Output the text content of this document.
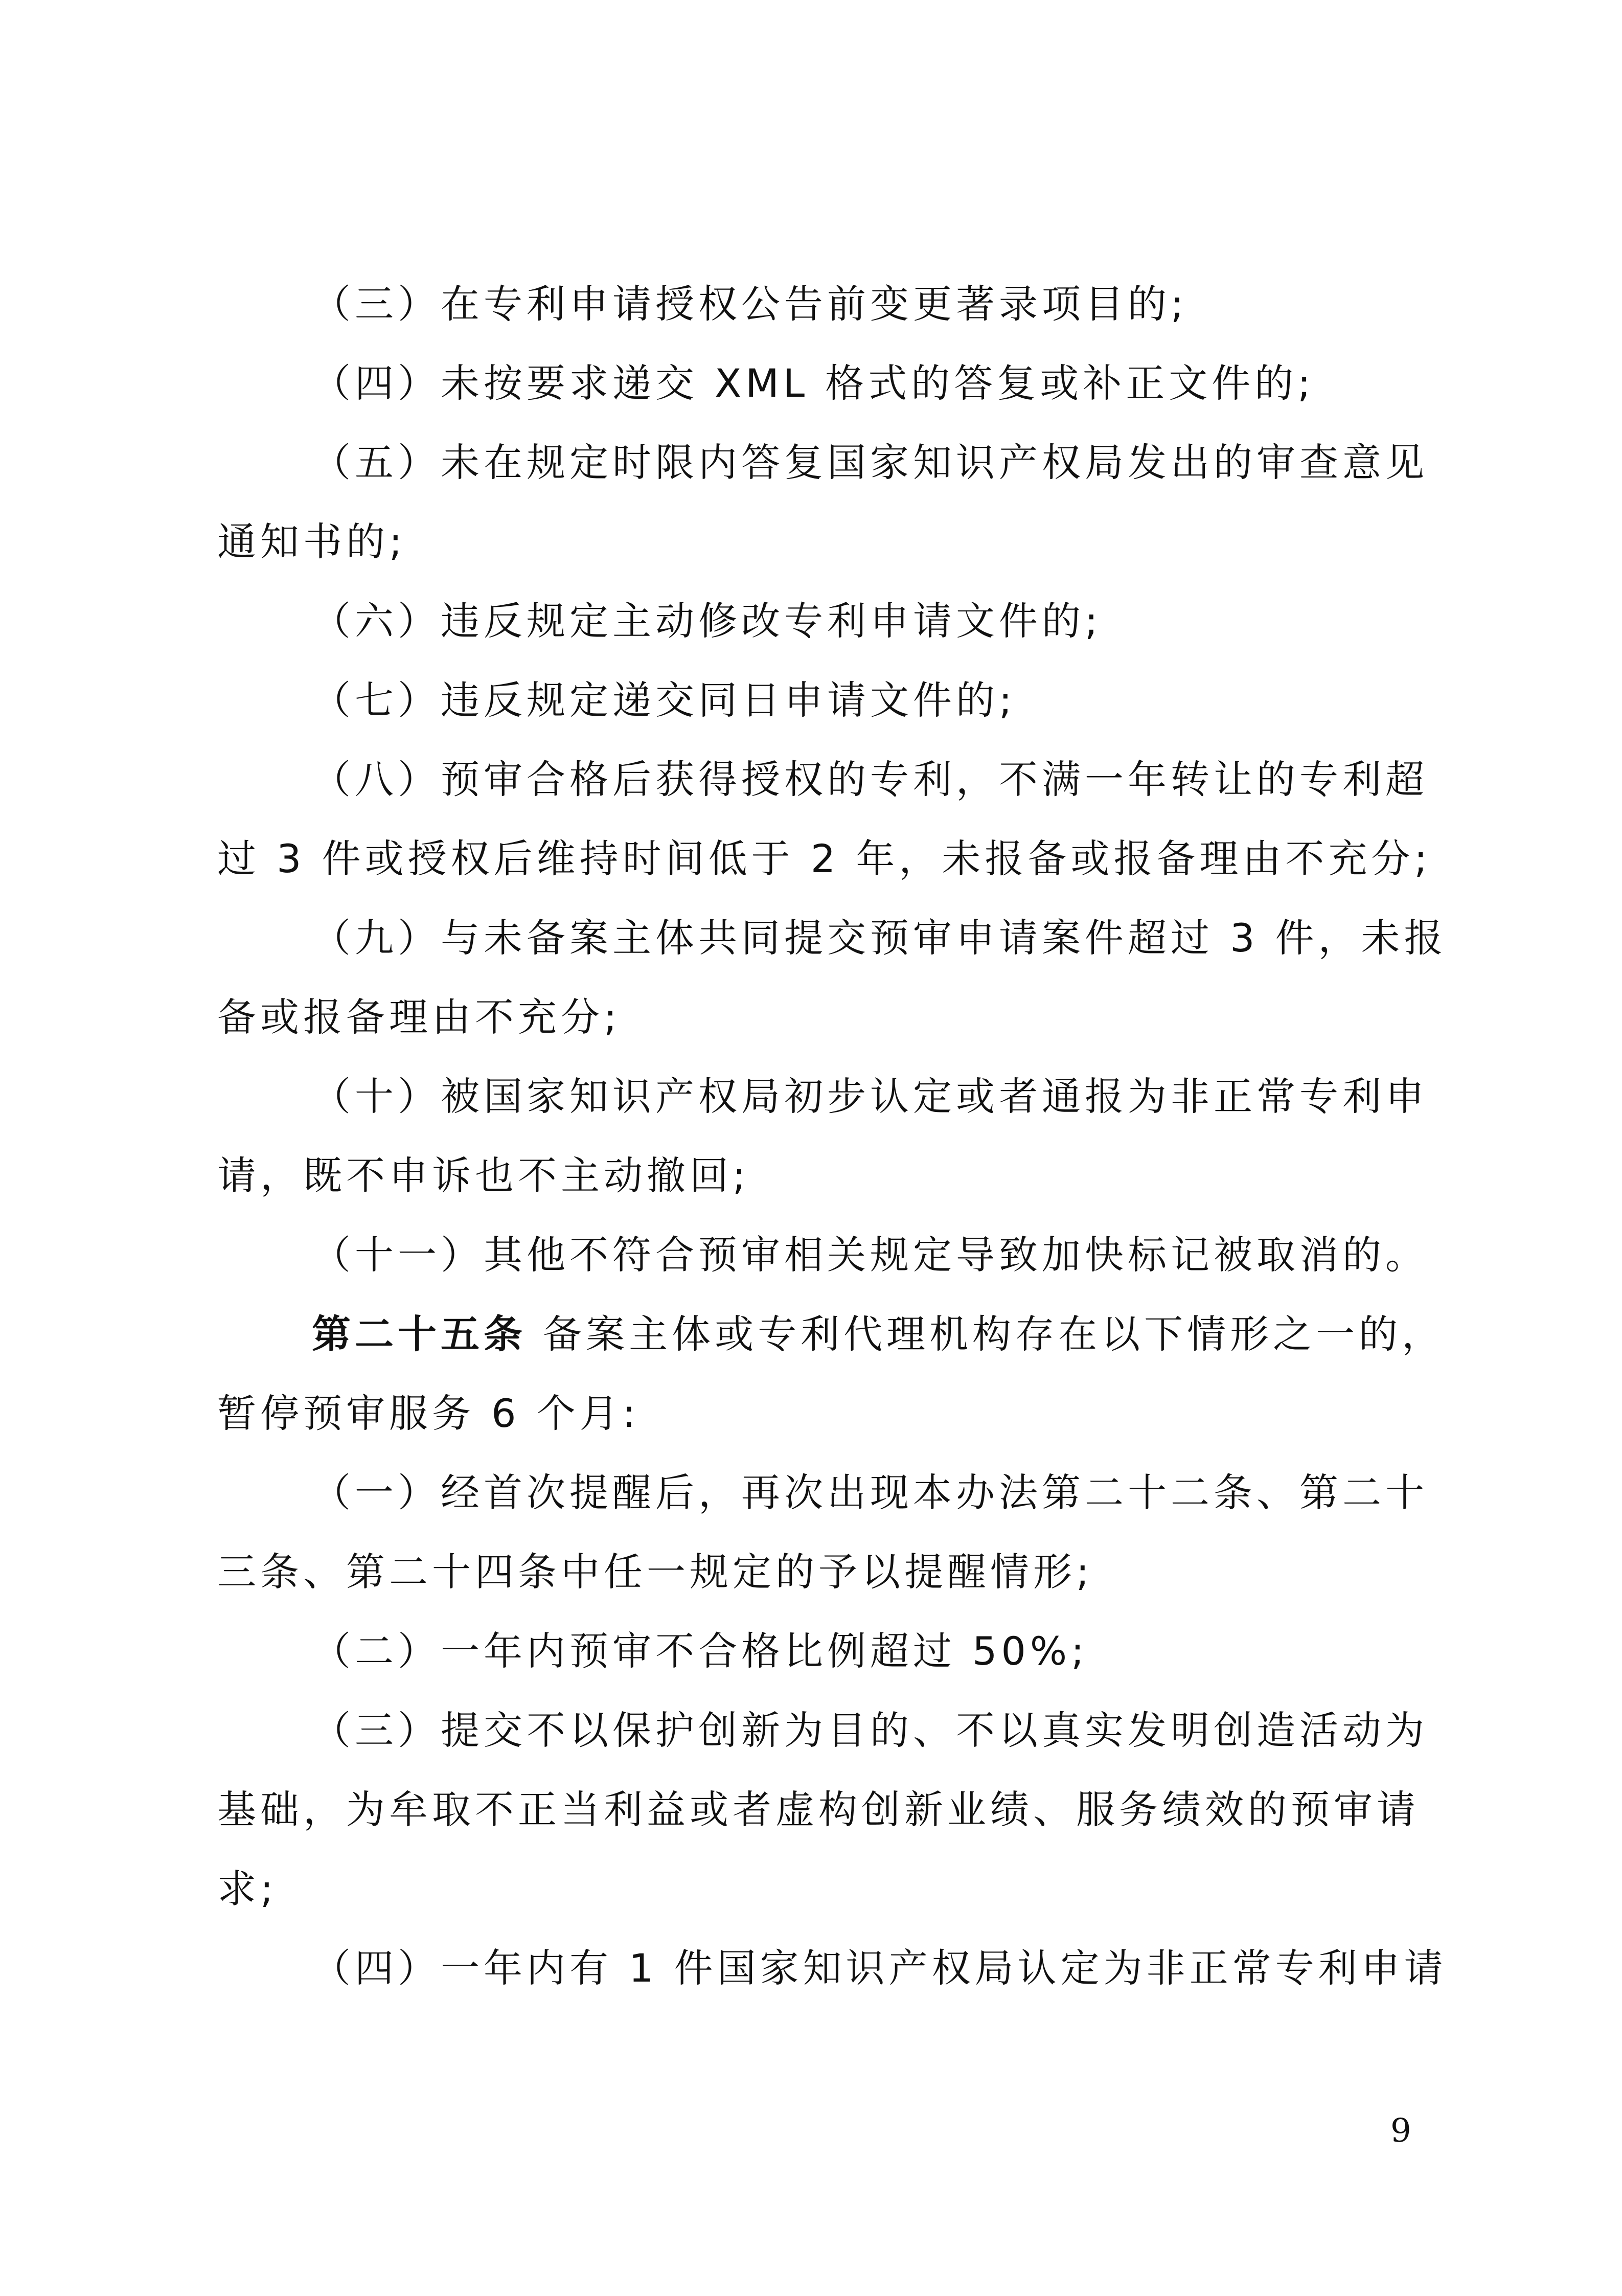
（三）在专利申请授权公告前变更著录项目的;
（四）未按要求递交 XML 格式的答复或补正文件的;
（五）未在规定时限内答复国家知识产权局发出的审查意见
通知书的;
（六）违反规定主动修改专利申请文件的;
（七）违反规定递交同日申请文件的;
（八）预审合格后获得授权的专利，不满一年转让的专利超
过 3 件或授权后维持时间低于 2 年，未报备或报备理由不充分;
（九）与未备案主体共同提交预审申请案件超过 3 件，未报
备或报备理由不充分;
（十）被国家知识产权局初步认定或者通报为非正常专利申
请，既不申诉也不主动撤回;
（十一）其他不符合预审相关规定导致加快标记被取消的。
第二十五条 备案主体或专利代理机构存在以下情形之一的，
暂停预审服务 6 个月:
（一）经首次提醒后，再次出现本办法第二十二条、第二十
三条、第二十四条中任一规定的予以提醒情形;
（二）一年内预审不合格比例超过 50%;
（三）提交不以保护创新为目的、不以真实发明创造活动为
基础，为牟取不正当利益或者虚构创新业绩、服务绩效的预审请
求;
（四）一年内有 1 件国家知识产权局认定为非正常专利申请
9
